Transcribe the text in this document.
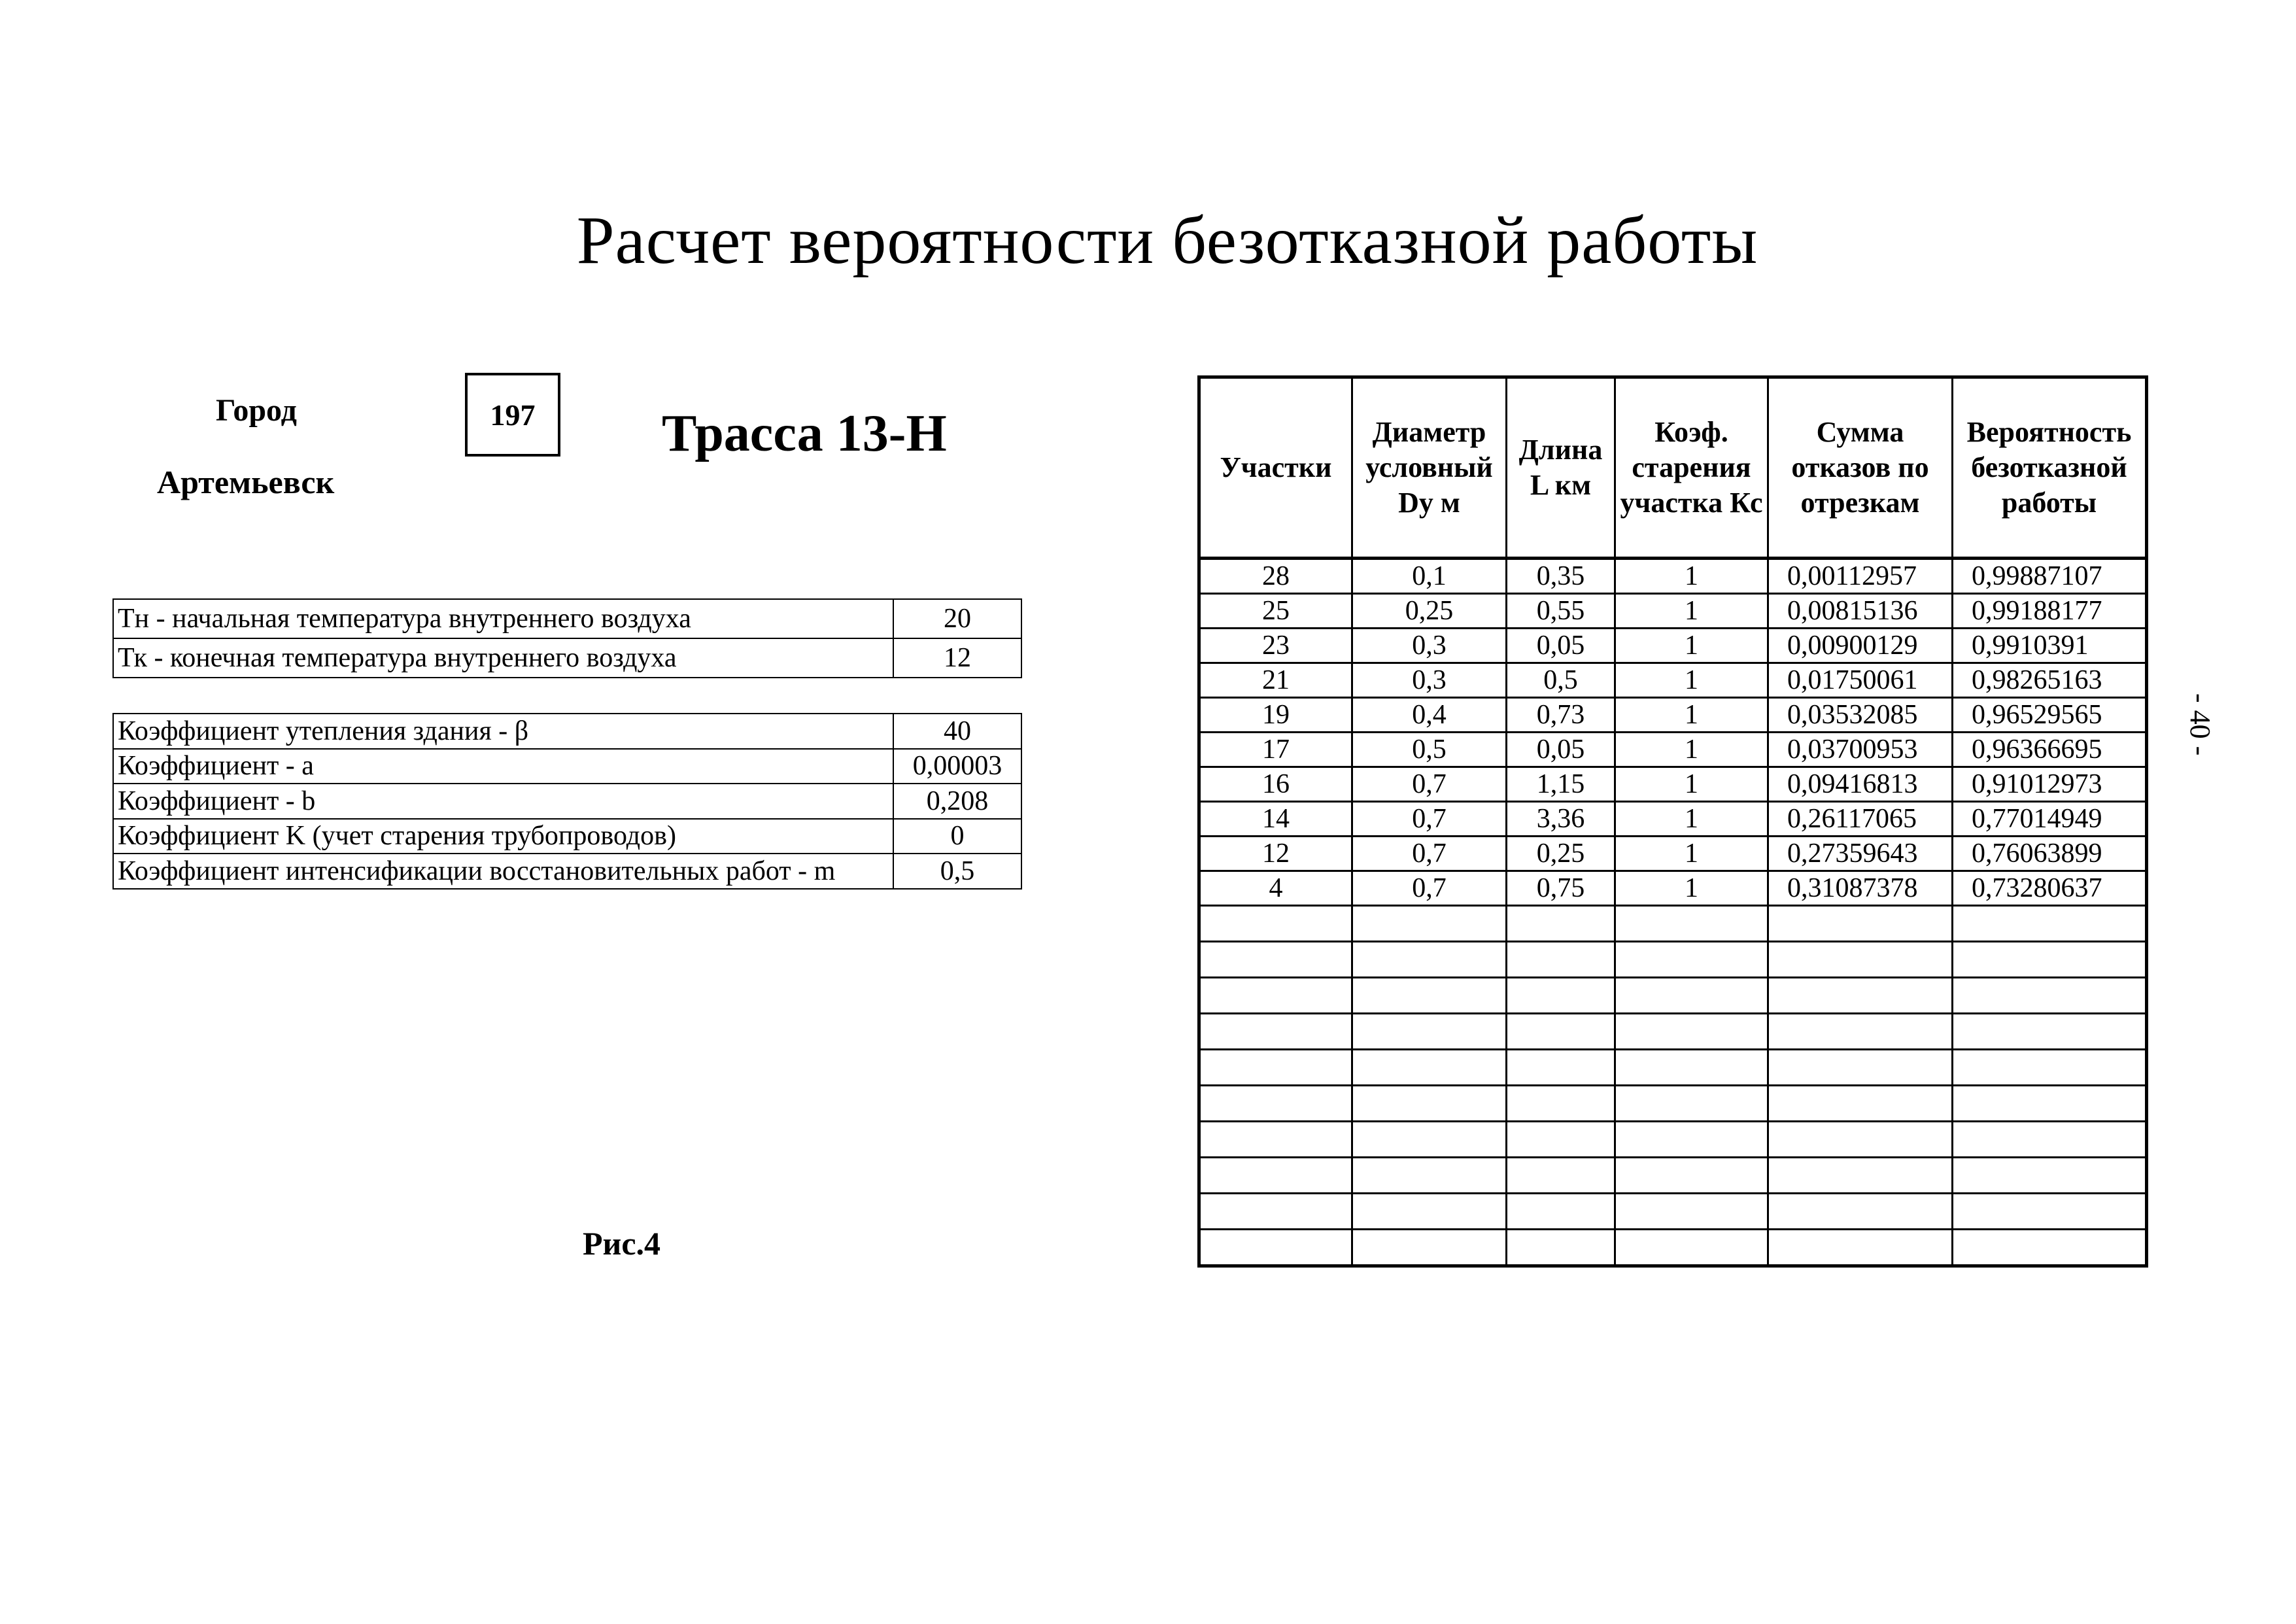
Расчет вероятности безотказной работы
Город
Артемьевск
197	Трасса 13-Н
Тн - начальная температура внутреннего воздуха	20
Тк - конечная температура внутреннего воздуха	12
Коэффициент утепления здания - β	40
Коэффициент - а	0,00003
Коэффициент - b	0,208
Коэффициент K (учет старения трубопроводов)	0
Коэффициент интенсификации восстановительных работ - m	0,5
Рис.4
- 40 -
Участки	Диаметр условный Dy м	Длина L км	Коэф. старения участка Кс	Сумма отказов по отрезкам	Вероятность безотказной работы
28	0,1	0,35	1	0,00112957	0,99887107
25	0,25	0,55	1	0,00815136	0,99188177
23	0,3	0,05	1	0,00900129	0,9910391
21	0,3	0,5	1	0,01750061	0,98265163
19	0,4	0,73	1	0,03532085	0,96529565
17	0,5	0,05	1	0,03700953	0,96366695
16	0,7	1,15	1	0,09416813	0,91012973
14	0,7	3,36	1	0,26117065	0,77014949
12	0,7	0,25	1	0,27359643	0,76063899
4	0,7	0,75	1	0,31087378	0,73280637
